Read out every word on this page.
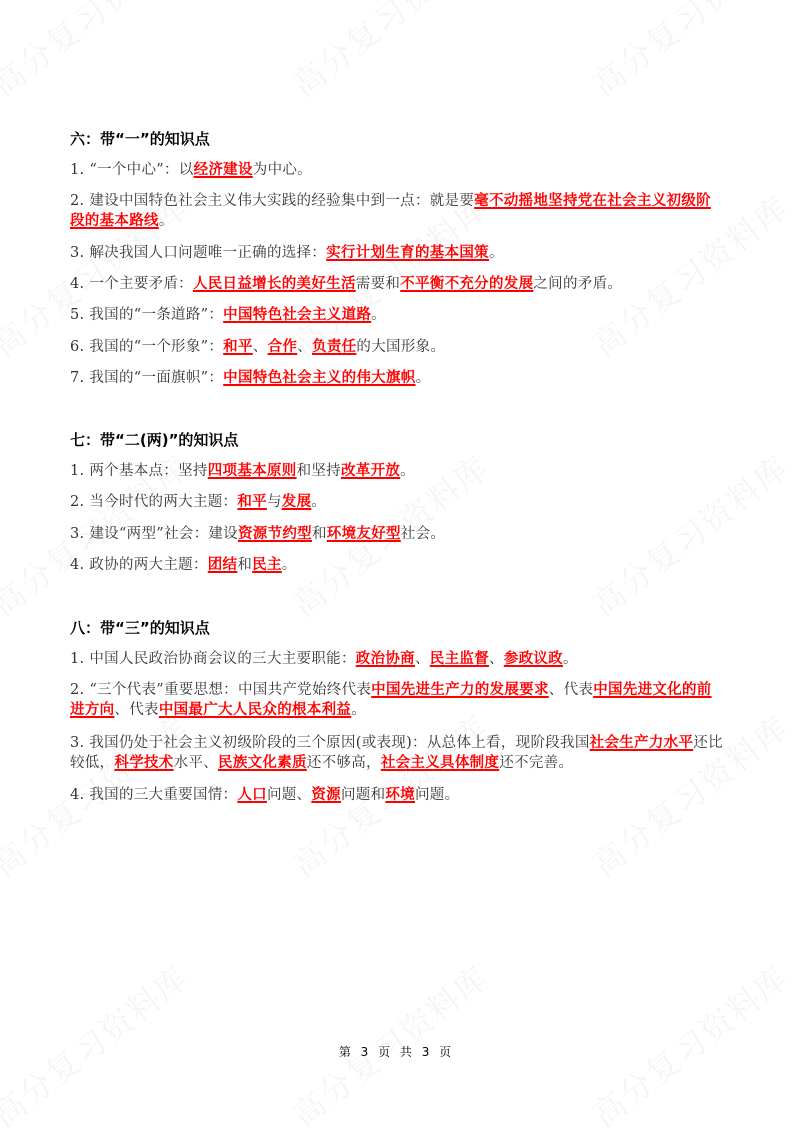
六：带“一”的知识点
1. “一个中心”：以经济建设为中心。
2. 建设中国特色社会主义伟大实践的经验集中到一点：就是要毫不动摇地坚持党在社会主义初级阶段的基本路线。
3. 解决我国人口问题唯一正确的选择：实行计划生育的基本国策。
4. 一个主要矛盾：人民日益增长的美好生活需要和不平衡不充分的发展之间的矛盾。
5. 我国的“一条道路”：中国特色社会主义道路。
6. 我国的“一个形象”：和平、合作、负责任的大国形象。
7. 我国的“一面旗帜”：中国特色社会主义的伟大旗帜。
七：带“二(两)”的知识点
1. 两个基本点：坚持四项基本原则和坚持改革开放。
2. 当今时代的两大主题：和平与发展。
3. 建设“两型”社会：建设资源节约型和环境友好型社会。
4. 政协的两大主题：团结和民主。
八：带“三”的知识点
1. 中国人民政治协商会议的三大主要职能：政治协商、民主监督、参政议政。
2. “三个代表”重要思想：中国共产党始终代表中国先进生产力的发展要求、代表中国先进文化的前进方向、代表中国最广大人民众的根本利益。
3. 我国仍处于社会主义初级阶段的三个原因(或表现)：从总体上看，现阶段我国社会生产力水平还比较低，科学技术水平、民族文化素质还不够高，社会主义具体制度还不完善。
4. 我国的三大重要国情：人口问题、资源问题和环境问题。
第 3 页 共 3 页
